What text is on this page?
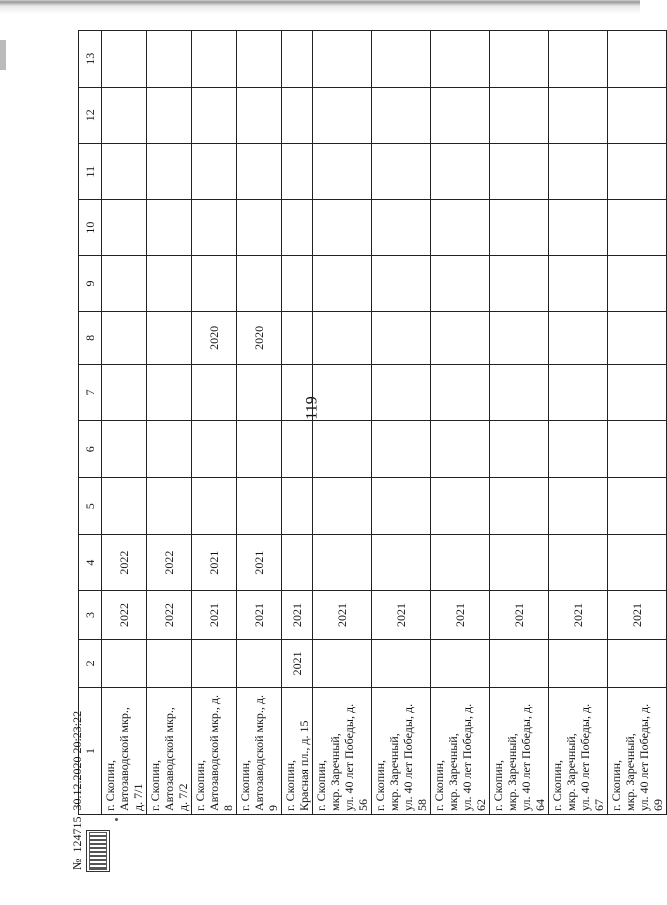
119
1	2	3	4	5	6	7	8	9	10	11	12	13

г. Скопин, Автозаводской мкр., д. 7/1		2022	2022									

г. Скопин, Автозаводской мкр., д. 7/2		2022	2022									

г. Скопин, Автозаводской мкр., д. 8		2021	2021				2020					

г. Скопин, Автозаводской мкр., д. 9		2021	2021				2020					

г. Скопин, Красная пл., д. 15	2021	2021										

г. Скопин, мкр. Заречный, ул. 40 лет Победы, д. 56		2021										

г. Скопин, мкр. Заречный, ул. 40 лет Победы, д. 58		2021										

г. Скопин, мкр. Заречный, ул. 40 лет Победы, д. 62		2021										

г. Скопин, мкр. Заречный, ул. 40 лет Победы, д. 64		2021										

г. Скопин, мкр. Заречный, ул. 40 лет Победы, д. 67		2021										

г. Скопин, мкр. Заречный, ул. 40 лет Победы, д. 69		2021										
№
124715
30.12.2020 20:23:22
